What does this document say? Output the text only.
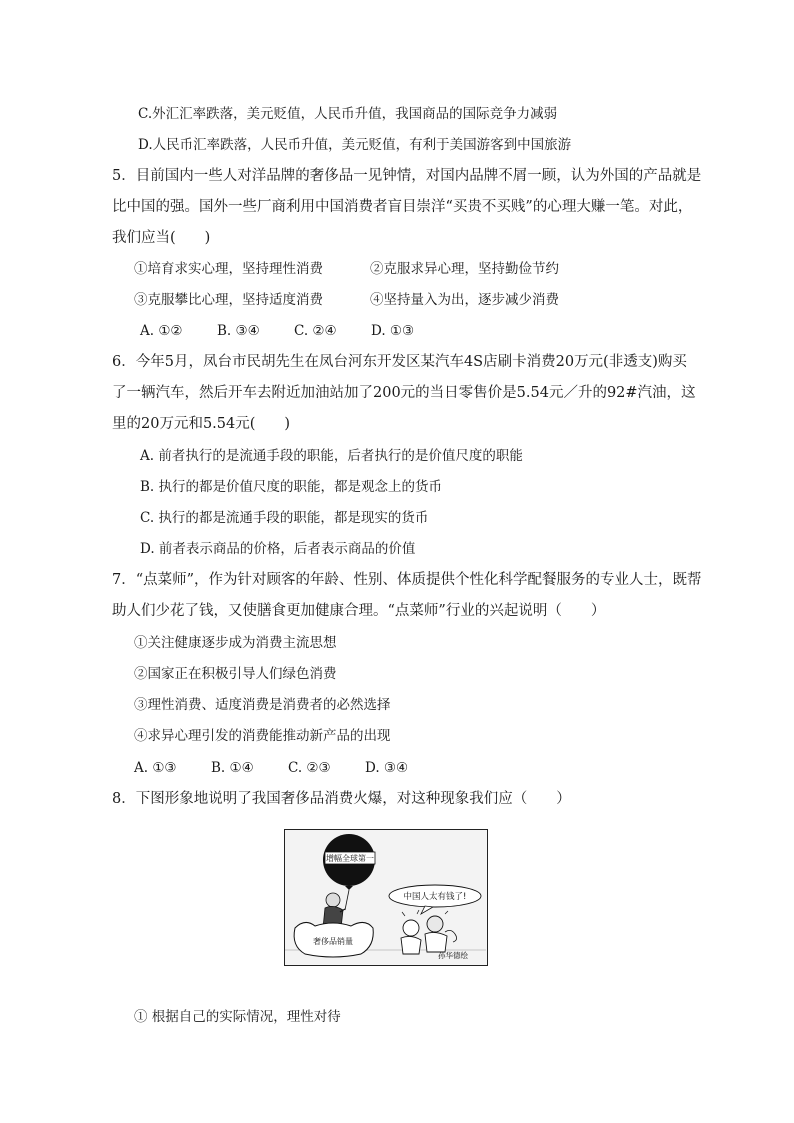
C.外汇汇率跌落，美元贬值，人民币升值，我国商品的国际竞争力减弱
D.人民币汇率跌落，人民币升值，美元贬值，有利于美国游客到中国旅游
5．目前国内一些人对洋品牌的奢侈品一见钟情，对国内品牌不屑一顾，认为外国的产品就是
比中国的强。国外一些厂商利用中国消费者盲目崇洋“买贵不买贱”的心理大赚一笔。对此，
我们应当(　　)
①培育求实心理，坚持理性消费	②克服求异心理，坚持勤俭节约
③克服攀比心理，坚持适度消费	④坚持量入为出，逐步减少消费
A. ①②	B. ③④	C. ②④	D. ①③
6．今年5月，凤台市民胡先生在凤台河东开发区某汽车4S店刷卡消费20万元(非透支)购买
了一辆汽车，然后开车去附近加油站加了200元的当日零售价是5.54元／升的92#汽油，这
里的20万元和5.54元(　　)
A. 前者执行的是流通手段的职能，后者执行的是价值尺度的职能
B. 执行的都是价值尺度的职能，都是观念上的货币
C. 执行的都是流通手段的职能，都是现实的货币
D. 前者表示商品的价格，后者表示商品的价值
7．“点菜师”，作为针对顾客的年龄、性别、体质提供个性化科学配餐服务的专业人士，既帮
助人们少花了钱，又使膳食更加健康合理。“点菜师”行业的兴起说明（　　）
①关注健康逐步成为消费主流思想
②国家正在积极引导人们绿色消费
③理性消费、适度消费是消费者的必然选择
④求异心理引发的消费能推动新产品的出现
A. ①③	B. ①④	C. ②③	D. ③④
8．下图形象地说明了我国奢侈品消费火爆，对这种现象我们应（　　）
增幅全球第一
奢侈品销量
中国人太有钱了!
孙华德绘
① 根据自己的实际情况，理性对待
